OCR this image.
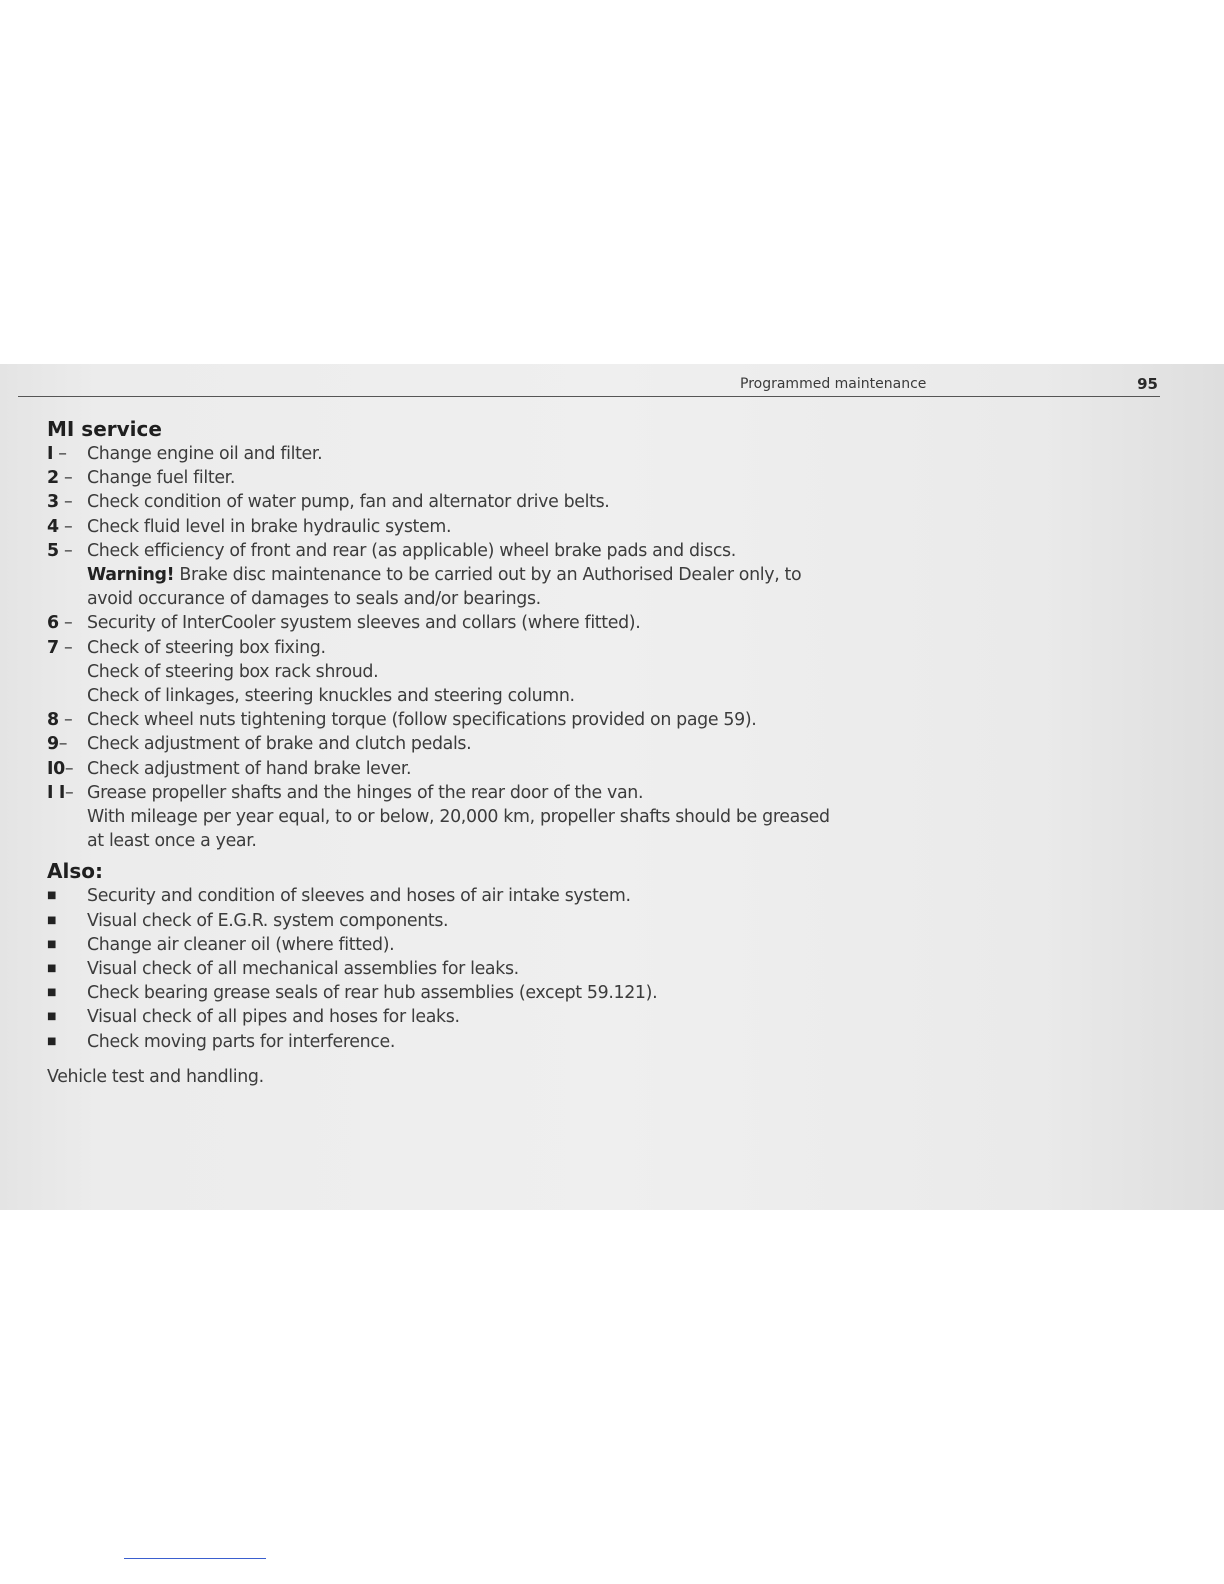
Programmed maintenance	95
MI service
I –	Change engine oil and filter.
2 – Change fuel filter.
3 – Check condition of water pump, fan and alternator drive belts.
4 – Check fluid level in brake hydraulic system.
5 – Check efficiency of front and rear (as applicable) wheel brake pads and discs.
Warning! Brake disc maintenance to be carried out by an Authorised Dealer only, to
avoid occurance of damages to seals and/or bearings.
6 – Security of InterCooler syustem sleeves and collars (where fitted).
7 – Check of steering box fixing.
Check of steering box rack shroud.
Check of linkages, steering knuckles and steering column.
8 – Check wheel nuts tightening torque (follow specifications provided on page 59).
9–	Check adjustment of brake and clutch pedals.
I0– Check adjustment of hand brake lever.
I I– Grease propeller shafts and the hinges of the rear door of the van.
With mileage per year equal, to or below, 20,000 km, propeller shafts should be greased
at least once a year.
Also:
■	Security and condition of sleeves and hoses of air intake system.
■	Visual check of E.G.R. system components.
■	Change air cleaner oil (where fitted).
■	Visual check of all mechanical assemblies for leaks.
■	Check bearing grease seals of rear hub assemblies (except 59.121).
■	Visual check of all pipes and hoses for leaks.
■	Check moving parts for interference.
Vehicle test and handling.
